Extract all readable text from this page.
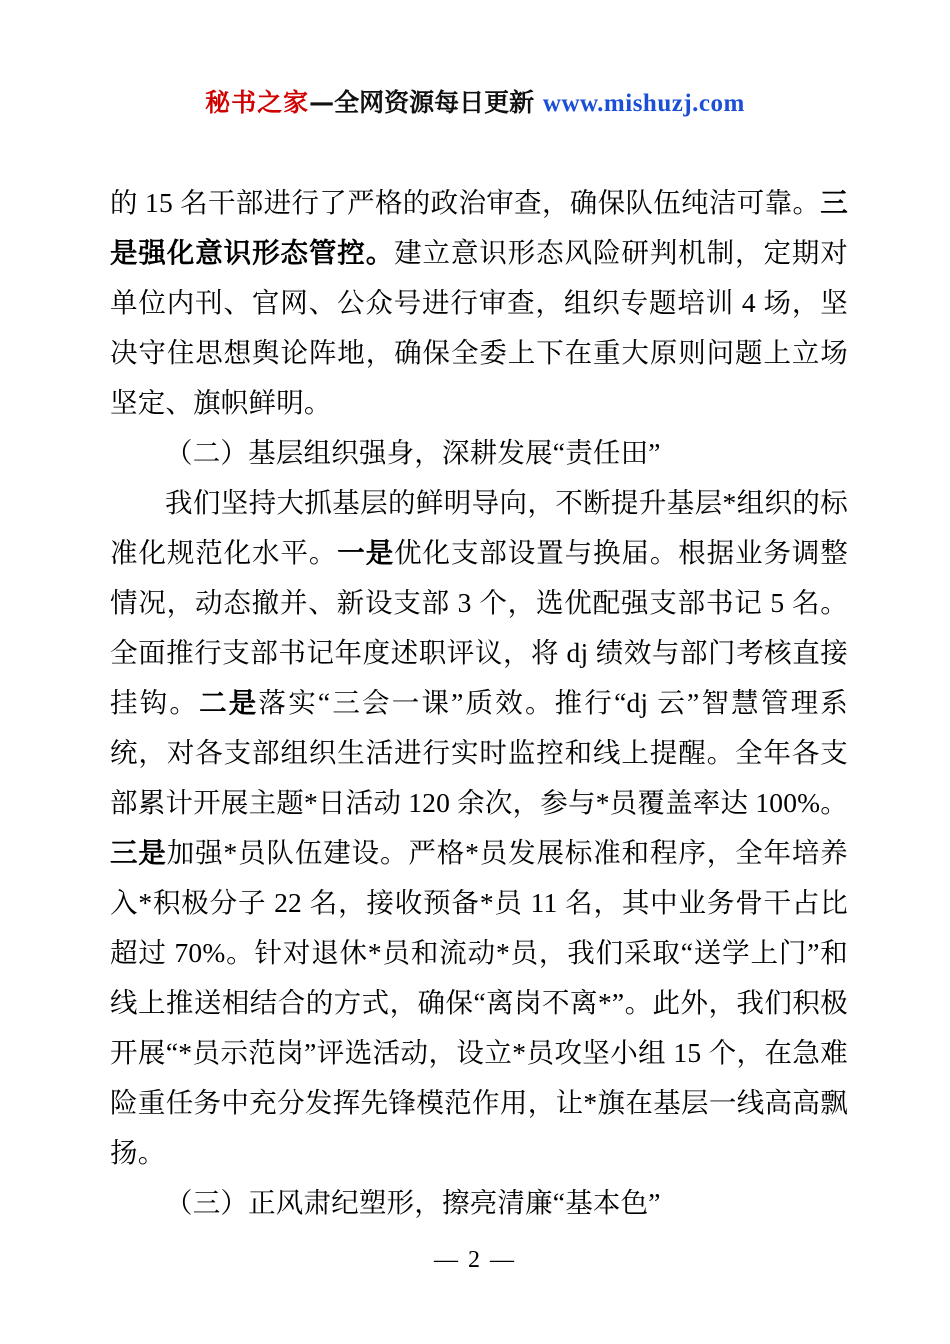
秘书之家—全网资源每日更新 www.mishuzj.com

的 15 名干部进行了严格的政治审查，确保队伍纯洁可靠。三是强化意识形态管控。建立意识形态风险研判机制，定期对单位内刊、官网、公众号进行审查，组织专题培训 4 场，坚决守住思想舆论阵地，确保全委上下在重大原则问题上立场坚定、旗帜鲜明。

（二）基层组织强身，深耕发展“责任田”

我们坚持大抓基层的鲜明导向，不断提升基层*组织的标准化规范化水平。一是优化支部设置与换届。根据业务调整情况，动态撤并、新设支部 3 个，选优配强支部书记 5 名。全面推行支部书记年度述职评议，将 dj 绩效与部门考核直接挂钩。二是落实“三会一课”质效。推行“dj 云”智慧管理系统，对各支部组织生活进行实时监控和线上提醒。全年各支部累计开展主题*日活动 120 余次，参与*员覆盖率达 100%。三是加强*员队伍建设。严格*员发展标准和程序，全年培养入*积极分子 22 名，接收预备*员 11 名，其中业务骨干占比超过 70%。针对退休*员和流动*员，我们采取“送学上门”和线上推送相结合的方式，确保“离岗不离*”。此外，我们积极开展“*员示范岗”评选活动，设立*员攻坚小组 15 个，在急难险重任务中充分发挥先锋模范作用，让*旗在基层一线高高飘扬。

（三）正风肃纪塑形，擦亮清廉“基本色”

— 2 —
